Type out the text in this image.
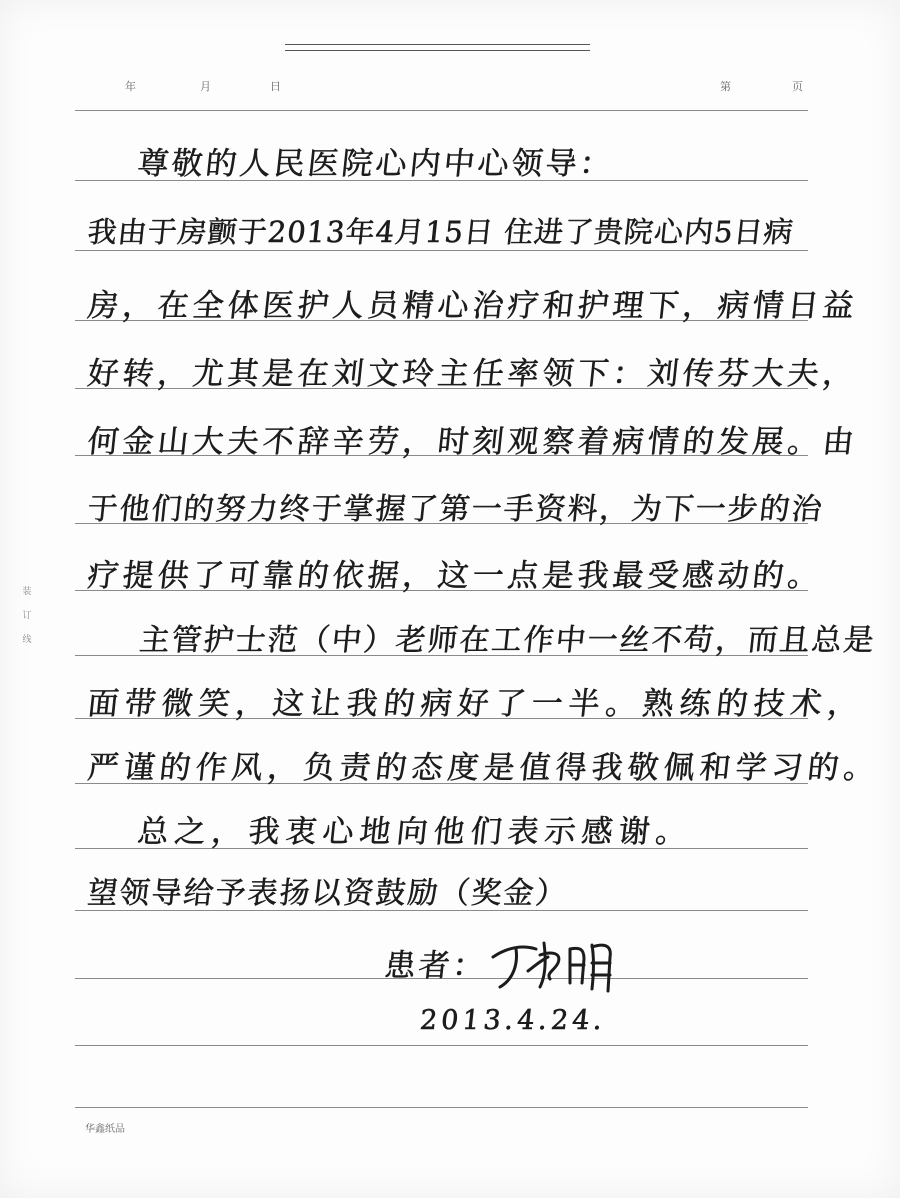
年	月	日	第	页
装
订
线
尊敬的人民医院心内中心领导：
我由于房颤于2013年4月15日 住进了贵院心内5日病
房，在全体医护人员精心治疗和护理下，病情日益
好转，尤其是在刘文玲主任率领下：刘传芬大夫，
何金山大夫不辞辛劳，时刻观察着病情的发展。由
于他们的努力终于掌握了第一手资料，为下一步的治
疗提供了可靠的依据，这一点是我最受感动的。
主管护士范（中）老师在工作中一丝不苟，而且总是
面带微笑，这让我的病好了一半。熟练的技术，
严谨的作风，负责的态度是值得我敬佩和学习的。
总之，我衷心地向他们表示感谢。
望领导给予表扬以资鼓励（奖金）
患者：
2013.4.24.
华鑫纸品
